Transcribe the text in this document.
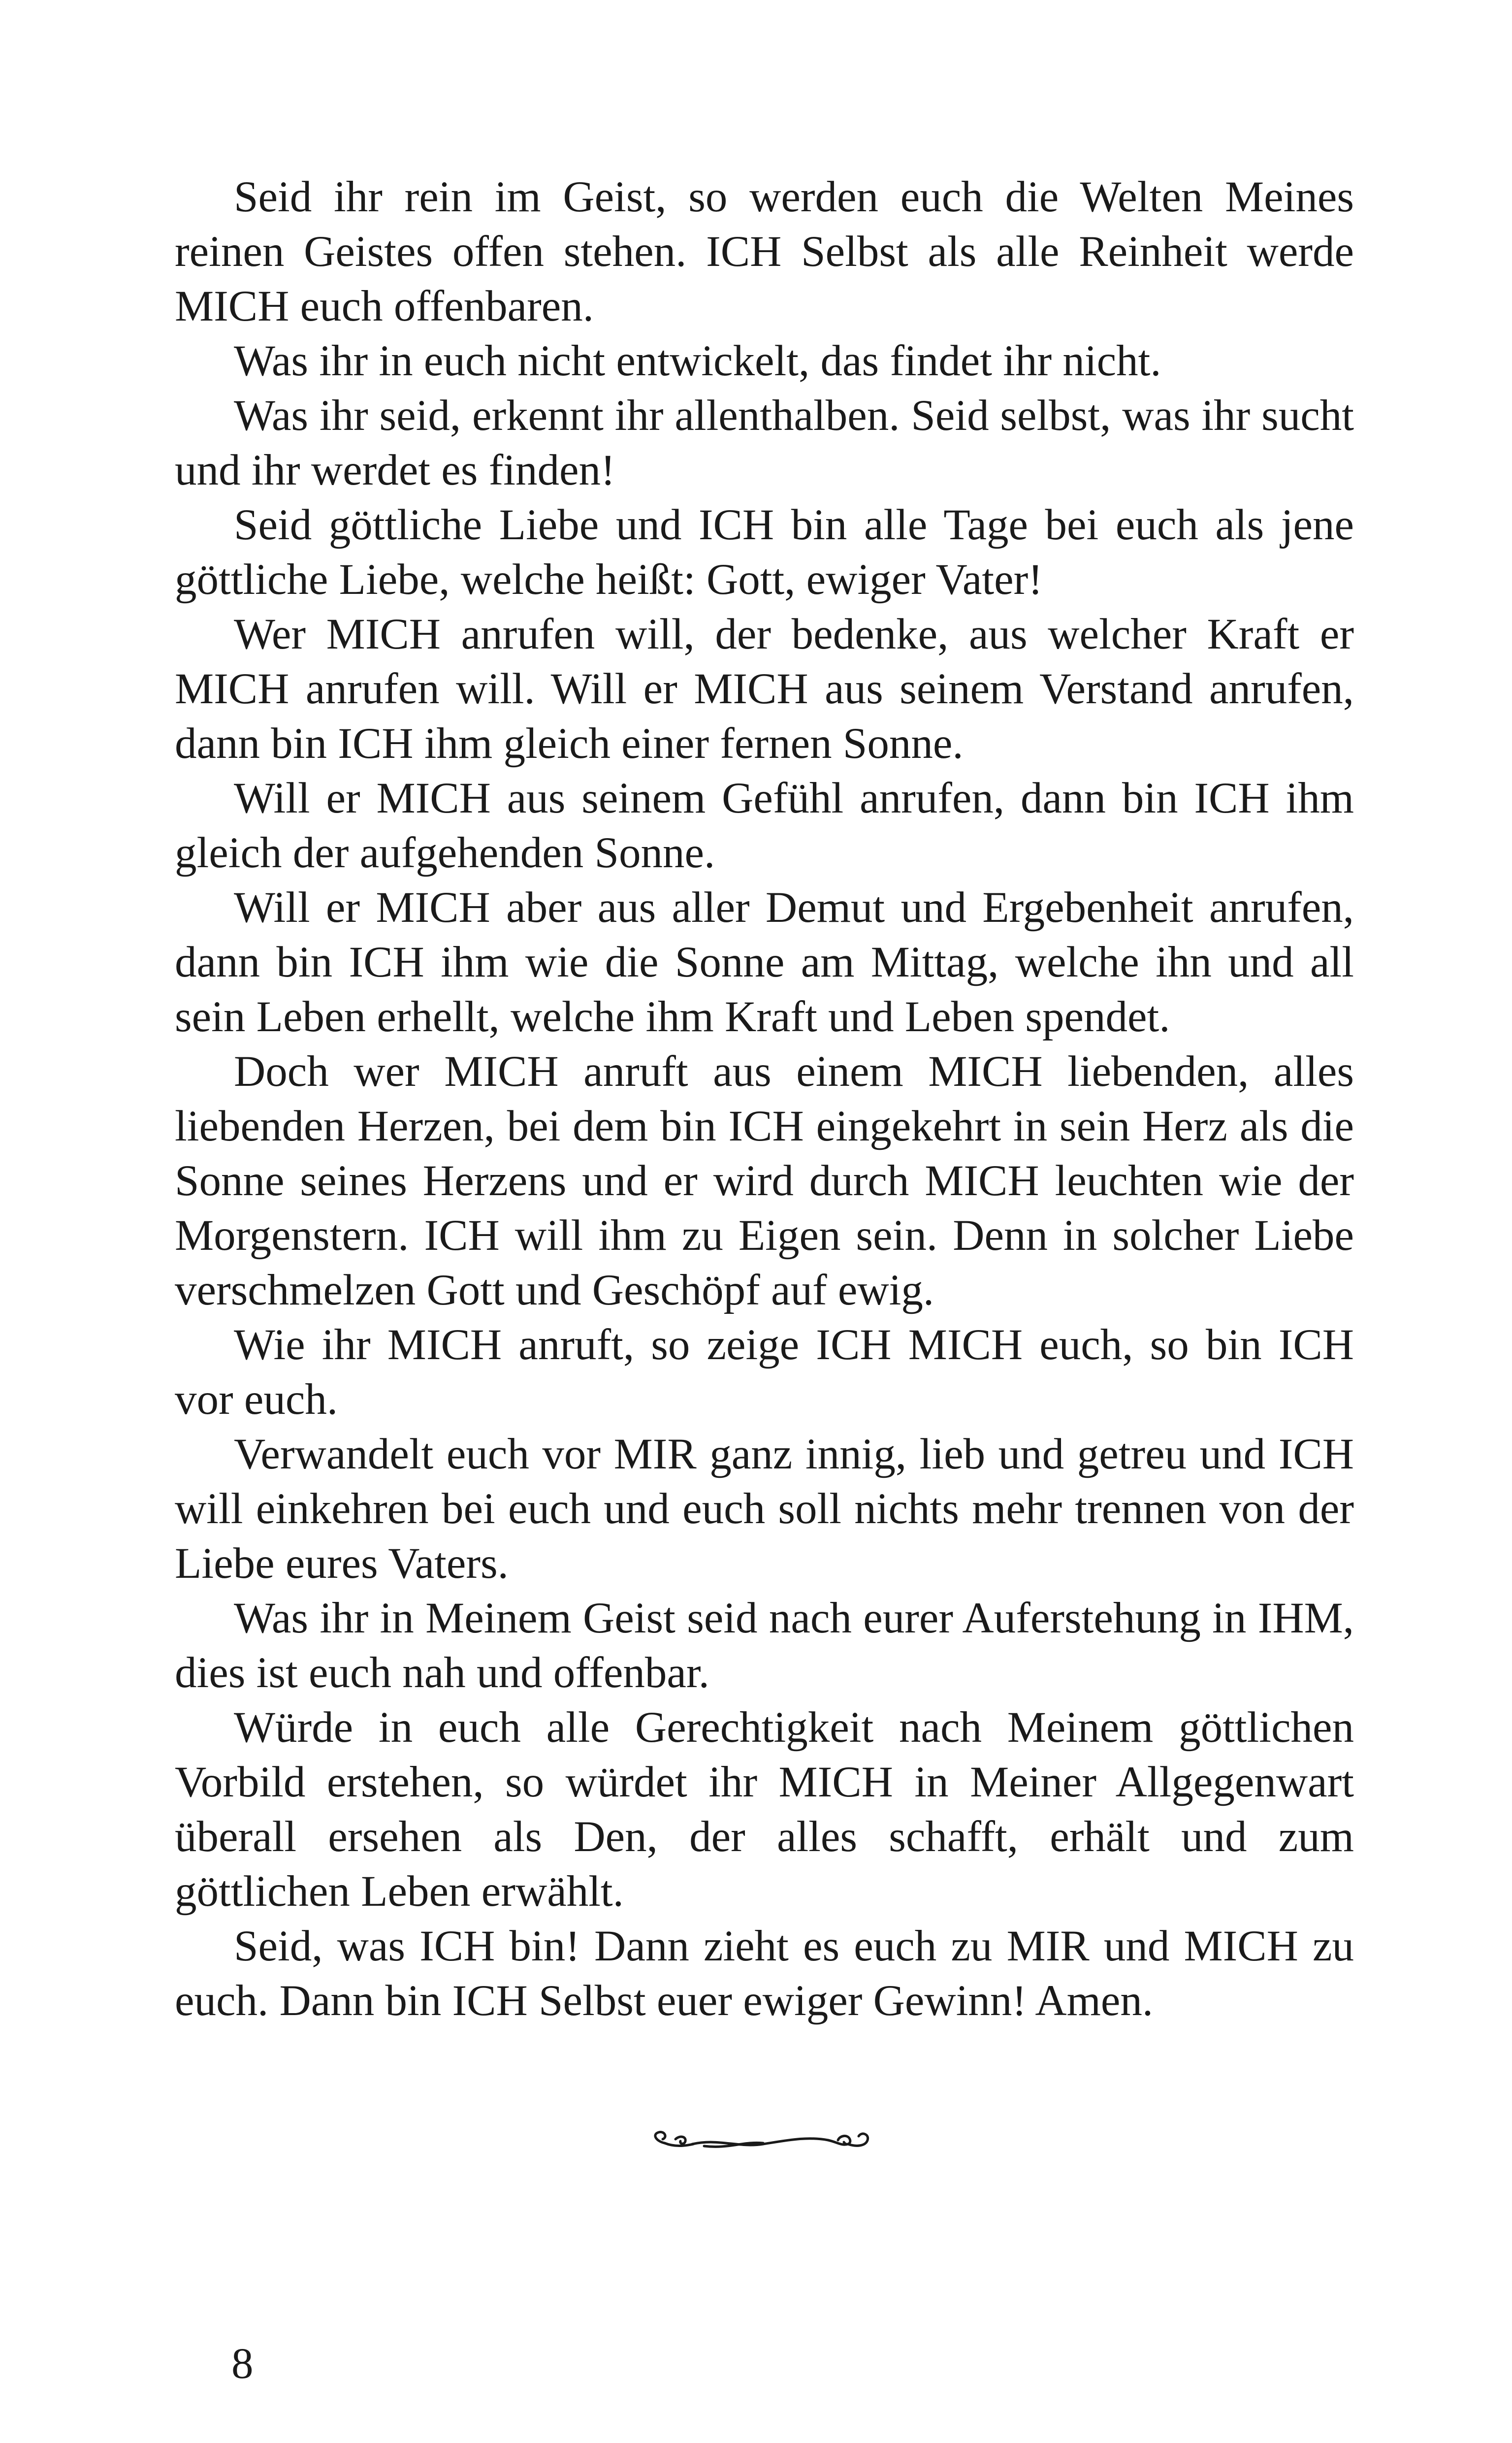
Seid ihr rein im Geist, so werden euch die Welten Meines reinen Geistes offen stehen. ICH Selbst als alle Reinheit werde MICH euch offenbaren.

Was ihr in euch nicht entwickelt, das findet ihr nicht.

Was ihr seid, erkennt ihr allenthalben. Seid selbst, was ihr sucht und ihr werdet es finden!

Seid göttliche Liebe und ICH bin alle Tage bei euch als jene göttliche Liebe, welche heißt: Gott, ewiger Vater!

Wer MICH anrufen will, der bedenke, aus welcher Kraft er MICH anrufen will. Will er MICH aus seinem Verstand anrufen, dann bin ICH ihm gleich einer fernen Sonne.

Will er MICH aus seinem Gefühl anrufen, dann bin ICH ihm gleich der aufgehenden Sonne.

Will er MICH aber aus aller Demut und Ergebenheit anrufen, dann bin ICH ihm wie die Sonne am Mittag, welche ihn und all sein Leben erhellt, welche ihm Kraft und Leben spendet.

Doch wer MICH anruft aus einem MICH liebenden, alles liebenden Herzen, bei dem bin ICH eingekehrt in sein Herz als die Sonne seines Herzens und er wird durch MICH leuchten wie der Morgenstern. ICH will ihm zu Eigen sein. Denn in solcher Liebe verschmelzen Gott und Geschöpf auf ewig.

Wie ihr MICH anruft, so zeige ICH MICH euch, so bin ICH vor euch.

Verwandelt euch vor MIR ganz innig, lieb und getreu und ICH will einkehren bei euch und euch soll nichts mehr trennen von der Liebe eures Vaters.

Was ihr in Meinem Geist seid nach eurer Auferstehung in IHM, dies ist euch nah und offenbar.

Würde in euch alle Gerechtigkeit nach Meinem göttlichen Vorbild erstehen, so würdet ihr MICH in Meiner Allgegenwart überall ersehen als Den, der alles schafft, erhält und zum göttlichen Leben erwählt.

Seid, was ICH bin! Dann zieht es euch zu MIR und MICH zu euch. Dann bin ICH Selbst euer ewiger Gewinn! Amen.

8
